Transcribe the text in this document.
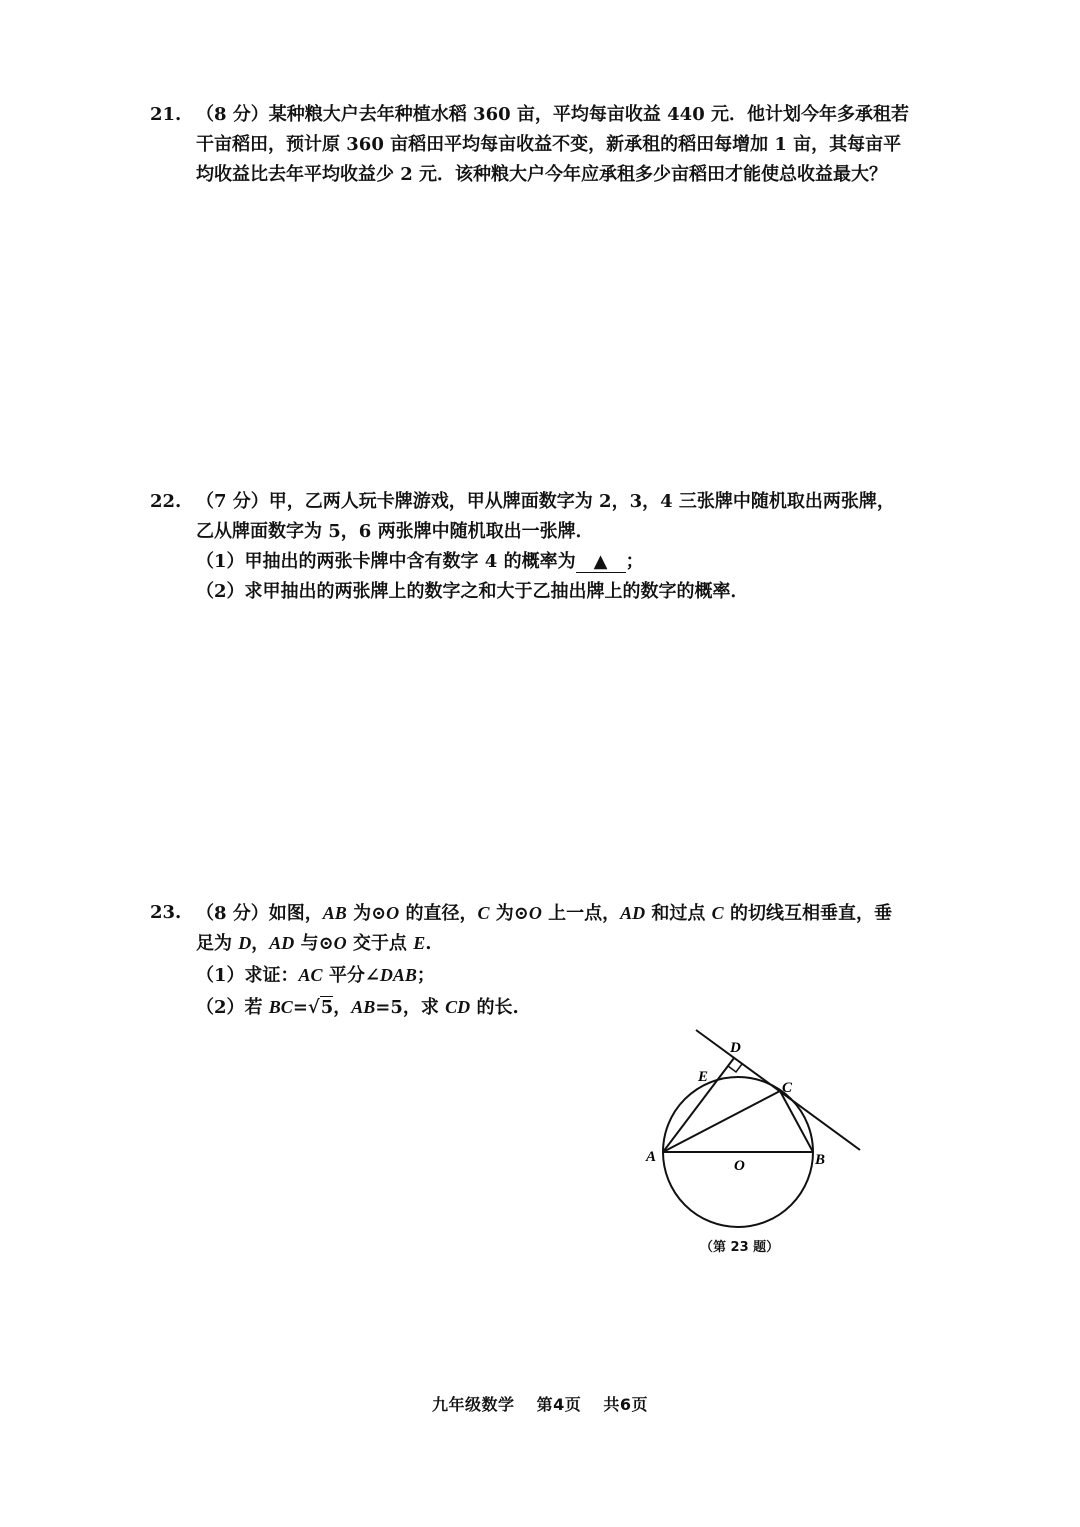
21. （8 分）某种粮大户去年种植水稻 360 亩，平均每亩收益 440 元．他计划今年多承租若
干亩稻田，预计原 360 亩稻田平均每亩收益不变，新承租的稻田每增加 1 亩，其每亩平
均收益比去年平均收益少 2 元．该种粮大户今年应承租多少亩稻田才能使总收益最大？
22. （7 分）甲，乙两人玩卡牌游戏，甲从牌面数字为 2，3，4 三张牌中随机取出两张牌，
乙从牌面数字为 5，6 两张牌中随机取出一张牌．
（1）甲抽出的两张卡牌中含有数字 4 的概率为 ▲ ；
（2）求甲抽出的两张牌上的数字之和大于乙抽出牌上的数字的概率．
23. （8 分）如图，AB 为⊙O 的直径，C 为⊙O 上一点，AD 和过点 C 的切线互相垂直，垂
足为 D，AD 与⊙O 交于点 E.
（1）求证：AC 平分∠DAB；
（2）若 BC=√5，AB=5，求 CD 的长.
D
E
C
A	B
O
（第 23 题）
九年级数学 第4页 共6页
